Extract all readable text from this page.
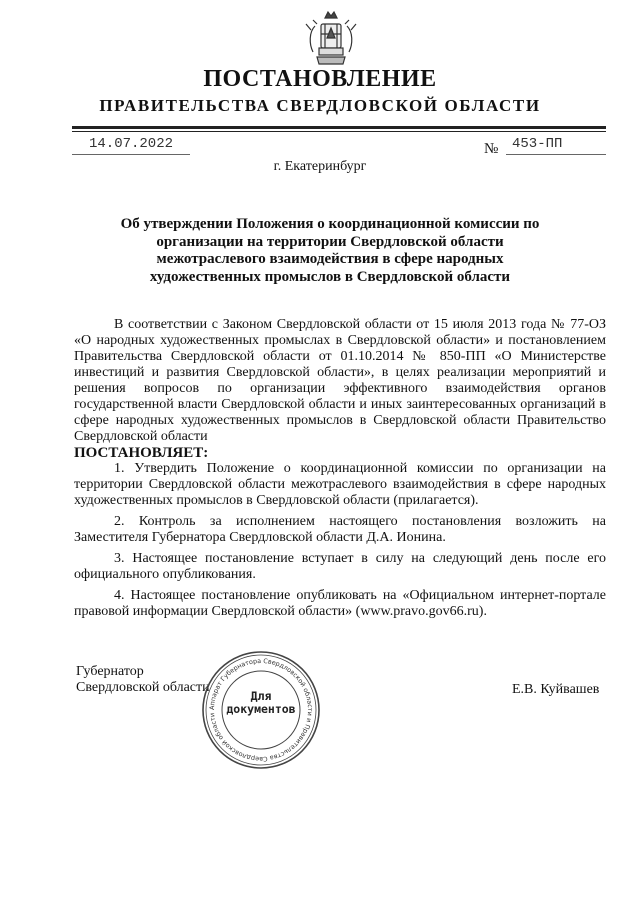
ПОСТАНОВЛЕНИЕ
ПРАВИТЕЛЬСТВА СВЕРДЛОВСКОЙ ОБЛАСТИ
14.07.2022	№ 453-ПП
г. Екатеринбург
Об утверждении Положения о координационной комиссии по организации на территории Свердловской области межотраслевого взаимодействия в сфере народных художественных промыслов в Свердловской области

В соответствии с Законом Свердловской области от 15 июля 2013 года № 77-ОЗ «О народных художественных промыслах в Свердловской области» и постановлением Правительства Свердловской области от 01.10.2014 № 850-ПП «О Министерстве инвестиций и развития Свердловской области», в целях реализации мероприятий и решения вопросов по организации эффективного взаимодействия органов государственной власти Свердловской области и иных заинтересованных организаций в сфере народных художественных промыслов в Свердловской области Правительство Свердловской области

ПОСТАНОВЛЯЕТ:

1. Утвердить Положение о координационной комиссии по организации на территории Свердловской области межотраслевого взаимодействия в сфере народных художественных промыслов в Свердловской области (прилагается).

2. Контроль за исполнением настоящего постановления возложить на Заместителя Губернатора Свердловской области Д.А. Ионина.

3. Настоящее постановление вступает в силу на следующий день после его официального опубликования.

4. Настоящее постановление опубликовать на «Официальном интернет-портале правовой информации Свердловской области» (www.pravo.gov66.ru).

Губернатор
Свердловской области	Е.В. Куйвашев
Аппарат Губернатора Свердловской области и Правительства Свердловской области
Для
документов
